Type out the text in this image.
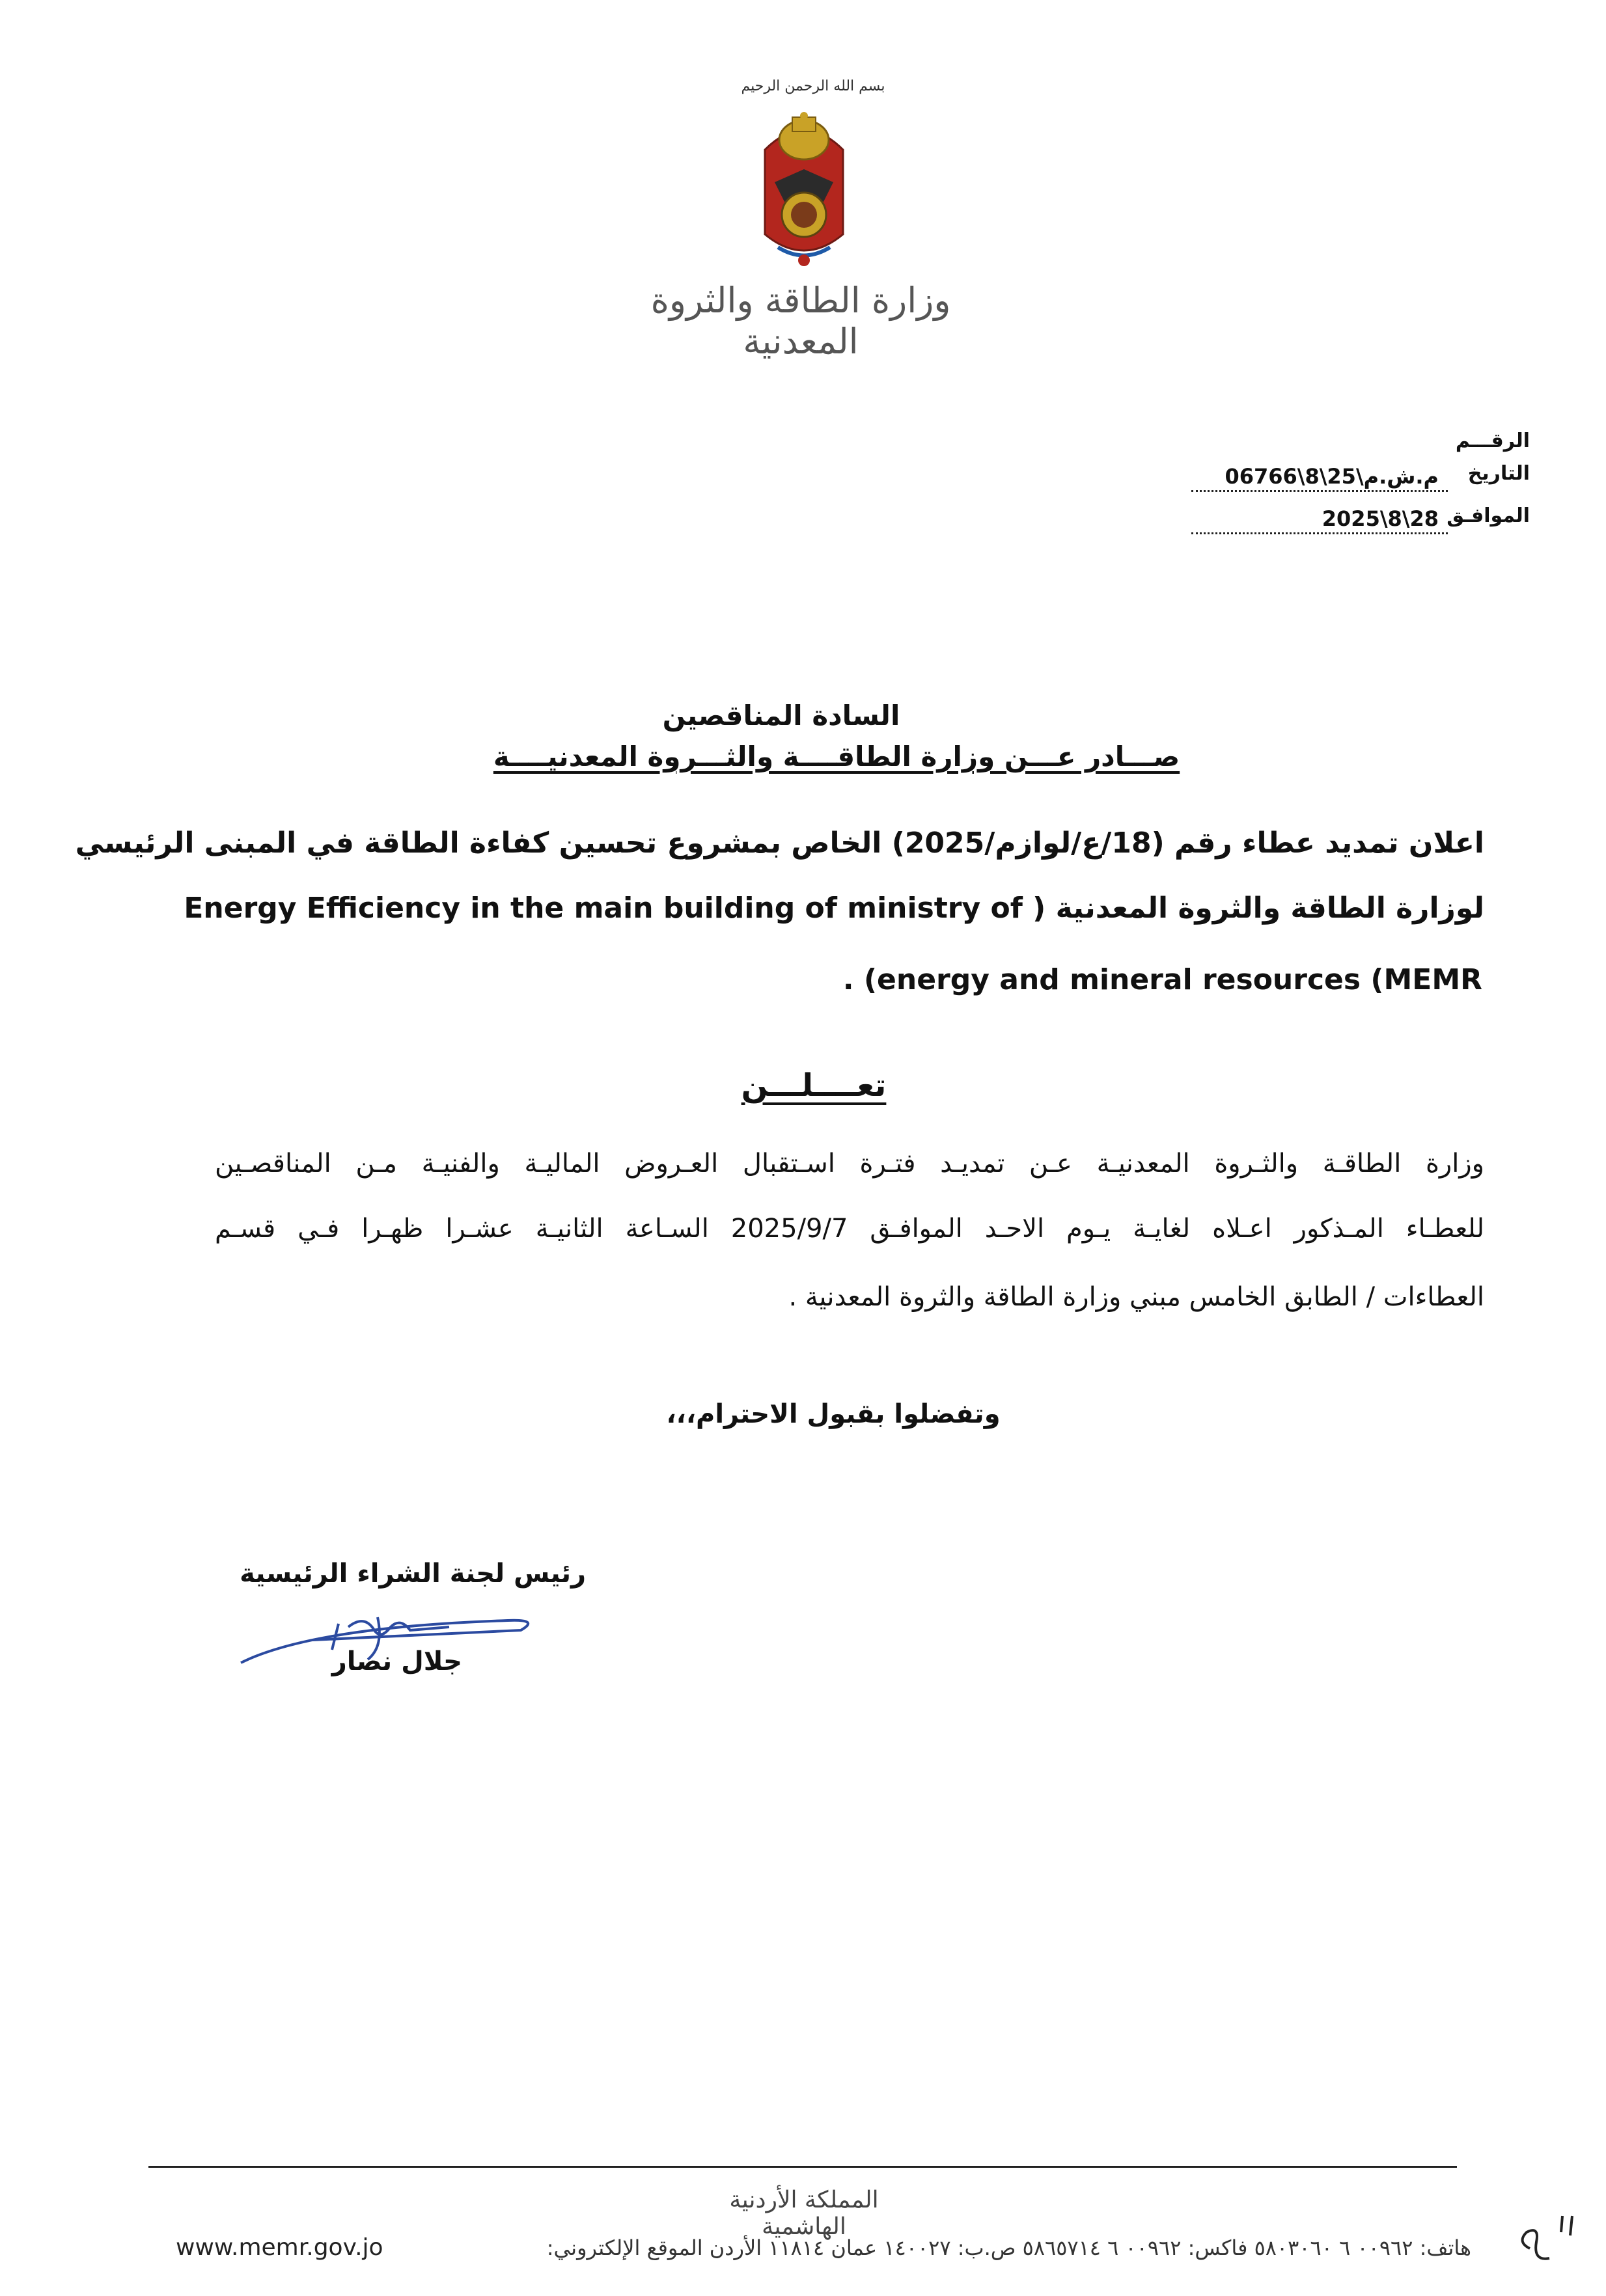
بسم الله الرحمن الرحيم
وزارة الطاقة والثروة المعدنية
الرقـــم
التاريخ
م.ش.م\25\8\06766
الموافـق
2025\8\28
السادة المناقصين
صـــادر عـــن وزارة الطاقــــة والثـــروة المعدنيــــة
اعلان تمديد عطاء رقم (18/ع/لوازم/2025) الخاص بمشروع تحسين كفاءة الطاقة في المبنى الرئيسي
لوزارة الطاقة والثروة المعدنية ( Energy Efficiency in the main building of ministry of
. (energy and mineral resources (MEMR
تعــــلـــن
وزارة الطاقـة والثـروة المعدنيـة عـن تمديـد فتـرة اسـتقبال العـروض الماليـة والفنيـة مـن المناقصـين
للعطـاء المـذكور اعـلاه لغايـة يـوم الاحـد الموافـق 2025/9/7 السـاعة الثانيـة عشـرا ظهـرا فـي قسـم
العطاءات / الطابق الخامس مبني وزارة الطاقة والثروة المعدنية .
وتفضلوا بقبول الاحترام،،،
رئيس لجنة الشراء الرئيسية
جلال نصار
المملكة الأردنية الهاشمية
www.memr.gov.jo	هاتف: ٠٠٩٦٢ ٦ ٥٨٠٣٠٦٠ فاكس: ٠٠٩٦٢ ٦ ٥٨٦٥٧١٤ ص.ب: ١٤٠٠٢٧ عمان ١١٨١٤ الأردن الموقع الإلكتروني:
